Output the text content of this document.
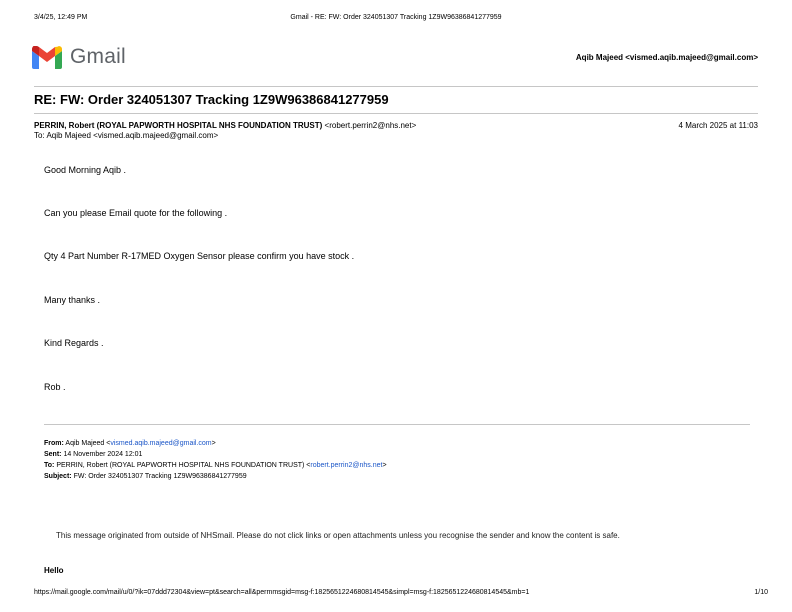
3/4/25, 12:49 PM	Gmail - RE: FW: Order 324051307 Tracking 1Z9W96386841277959
Gmail	Aqib Majeed <vismed.aqib.majeed@gmail.com>
RE: FW: Order 324051307 Tracking 1Z9W96386841277959
PERRIN, Robert (ROYAL PAPWORTH HOSPITAL NHS FOUNDATION TRUST) <robert.perrin2@nhs.net>
To: Aqib Majeed <vismed.aqib.majeed@gmail.com>
4 March 2025 at 11:03
Good Morning Aqib .
Can you please Email quote for the following .
Qty 4 Part Number R-17MED Oxygen Sensor please confirm you have stock .
Many thanks .
Kind Regards .
Rob .
From: Aqib Majeed <vismed.aqib.majeed@gmail.com>
Sent: 14 November 2024 12:01
To: PERRIN, Robert (ROYAL PAPWORTH HOSPITAL NHS FOUNDATION TRUST) <robert.perrin2@nhs.net>
Subject: FW: Order 324051307 Tracking 1Z9W96386841277959
This message originated from outside of NHSmail. Please do not click links or open attachments unless you recognise the sender and know the content is safe.
Hello
https://mail.google.com/mail/u/0/?ik=07ddd72304&view=pt&search=all&permmsgid=msg-f:1825651224680814545&simpl=msg-f:1825651224680814545&mb=1	1/10
